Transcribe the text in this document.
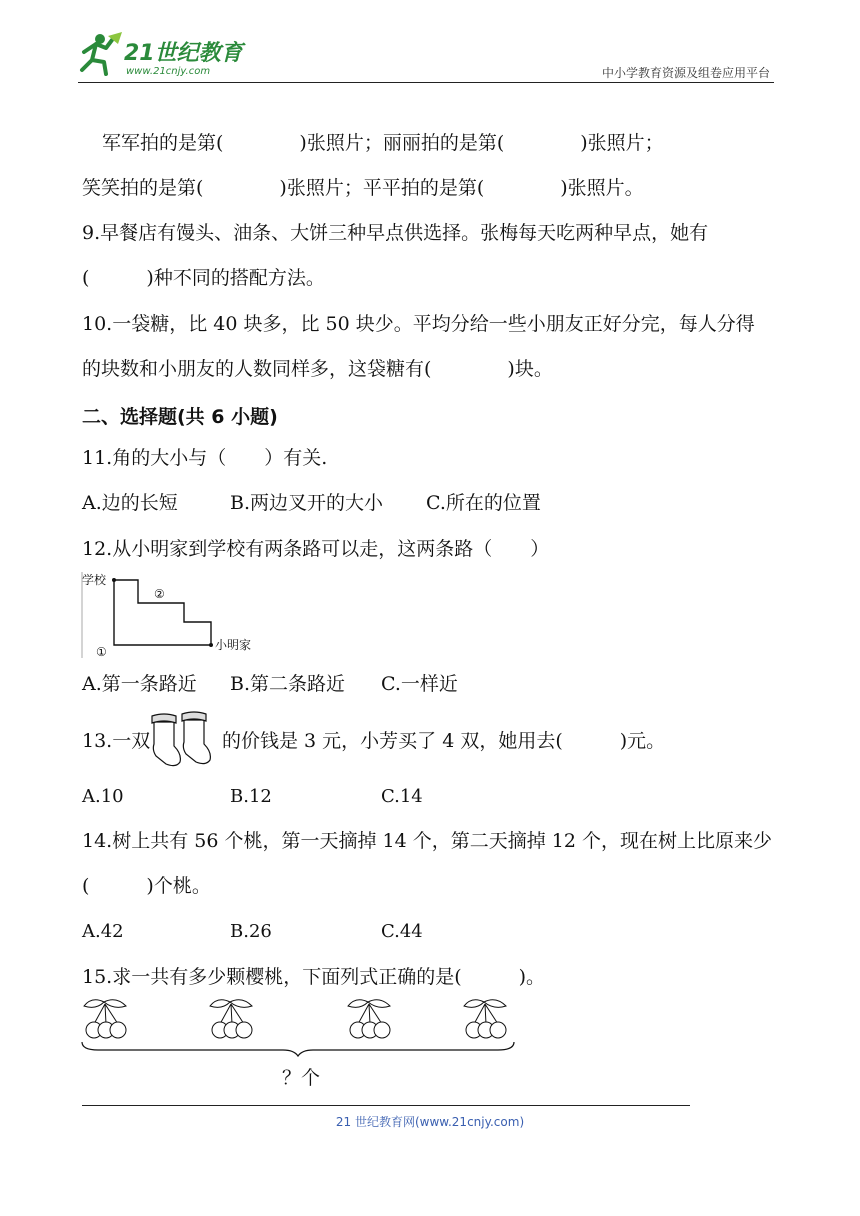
21世纪教育
www.21cnjy.com	中小学教育资源及组卷应用平台
军军拍的是第(　　　　)张照片；丽丽拍的是第(　　　　)张照片；
笑笑拍的是第(　　　　)张照片；平平拍的是第(　　　　)张照片。
9.早餐店有馒头、油条、大饼三种早点供选择。张梅每天吃两种早点，她有
(　　　)种不同的搭配方法。
10.一袋糖，比 40 块多，比 50 块少。平均分给一些小朋友正好分完，每人分得
的块数和小朋友的人数同样多，这袋糖有(　　　　)块。
二、选择题(共 6 小题)
11.角的大小与（　　）有关.
A.边的长短	B.两边叉开的大小 C.所在的位置
12.从小明家到学校有两条路可以走，这两条路（　　）
学校
小明家
①
②
A.第一条路近 B.第二条路近 C.一样近
13.一双	的价钱是 3 元，小芳买了 4 双，她用去(　　　)元。
A.10	B.12	C.14
14.树上共有 56 个桃，第一天摘掉 14 个，第二天摘掉 12 个，现在树上比原来少
(　　　)个桃。
A.42	B.26	C.44
15.求一共有多少颗樱桃，下面列式正确的是(　　　)。
？个
21 世纪教育网(www.21cnjy.com)
